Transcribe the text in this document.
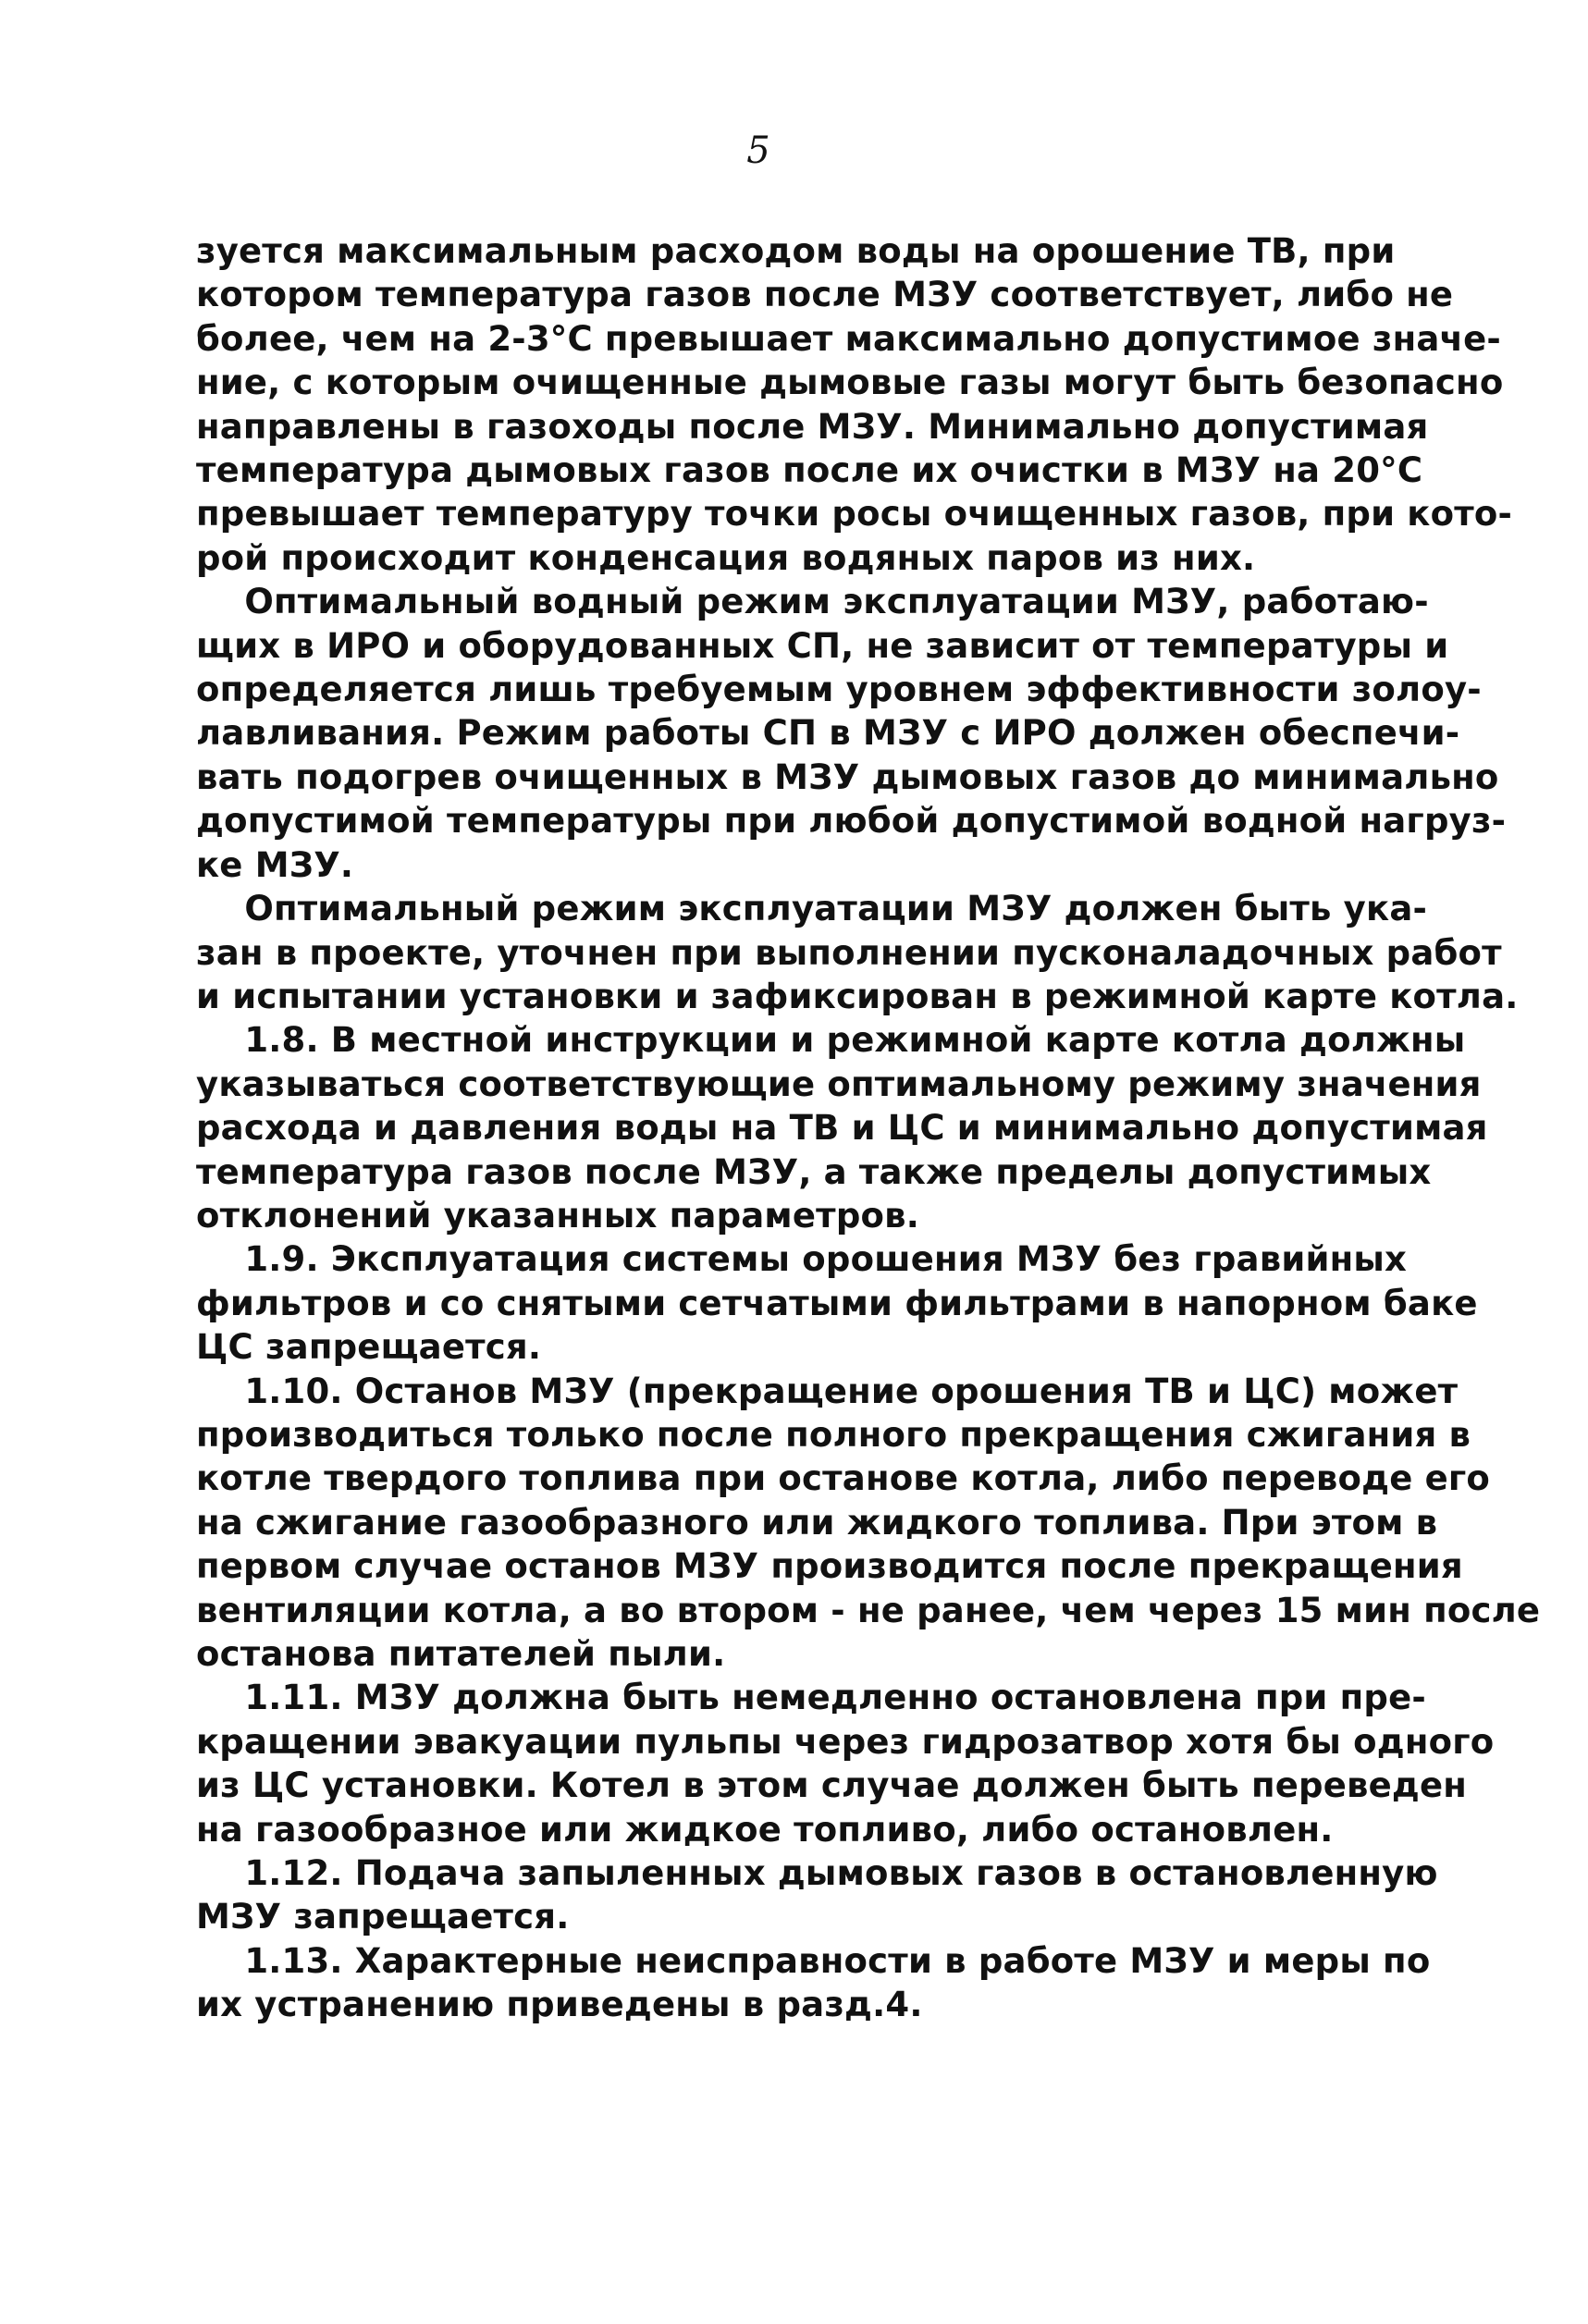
5
зуется максимальным расходом воды на орошение ТВ, при
котором температура газов после МЗУ соответствует, либо не
более, чем на 2-3°С превышает максимально допустимое значе-
ние, с которым очищенные дымовые газы могут быть безопасно
направлены в газоходы после МЗУ. Минимально допустимая
температура дымовых газов после их очистки в МЗУ на 20°С
превышает температуру точки росы очищенных газов, при кото-
рой происходит конденсация водяных паров из них.
Оптимальный водный режим эксплуатации МЗУ, работаю-
щих в ИРО и оборудованных СП, не зависит от температуры и
определяется лишь требуемым уровнем эффективности золоу-
лавливания. Режим работы СП в МЗУ с ИРО должен обеспечи-
вать подогрев очищенных в МЗУ дымовых газов до минимально
допустимой температуры при любой допустимой водной нагруз-
ке МЗУ.
Оптимальный режим эксплуатации МЗУ должен быть ука-
зан в проекте, уточнен при выполнении пусконаладочных работ
и испытании установки и зафиксирован в режимной карте котла.
1.8. В местной инструкции и режимной карте котла должны
указываться соответствующие оптимальному режиму значения
расхода и давления воды на ТВ и ЦС и минимально допустимая
температура газов после МЗУ, а также пределы допустимых
отклонений указанных параметров.
1.9. Эксплуатация системы орошения МЗУ без гравийных
фильтров и со снятыми сетчатыми фильтрами в напорном баке
ЦС запрещается.
1.10. Останов МЗУ (прекращение орошения ТВ и ЦС) может
производиться только после полного прекращения сжигания в
котле твердого топлива при останове котла, либо переводе его
на сжигание газообразного или жидкого топлива. При этом в
первом случае останов МЗУ производится после прекращения
вентиляции котла, а во втором - не ранее, чем через 15 мин после
останова питателей пыли.
1.11. МЗУ должна быть немедленно остановлена при пре-
кращении эвакуации пульпы через гидрозатвор хотя бы одного
из ЦС установки. Котел в этом случае должен быть переведен
на газообразное или жидкое топливо, либо остановлен.
1.12. Подача запыленных дымовых газов в остановленную
МЗУ запрещается.
1.13. Характерные неисправности в работе МЗУ и меры по
их устранению приведены в разд.4.
